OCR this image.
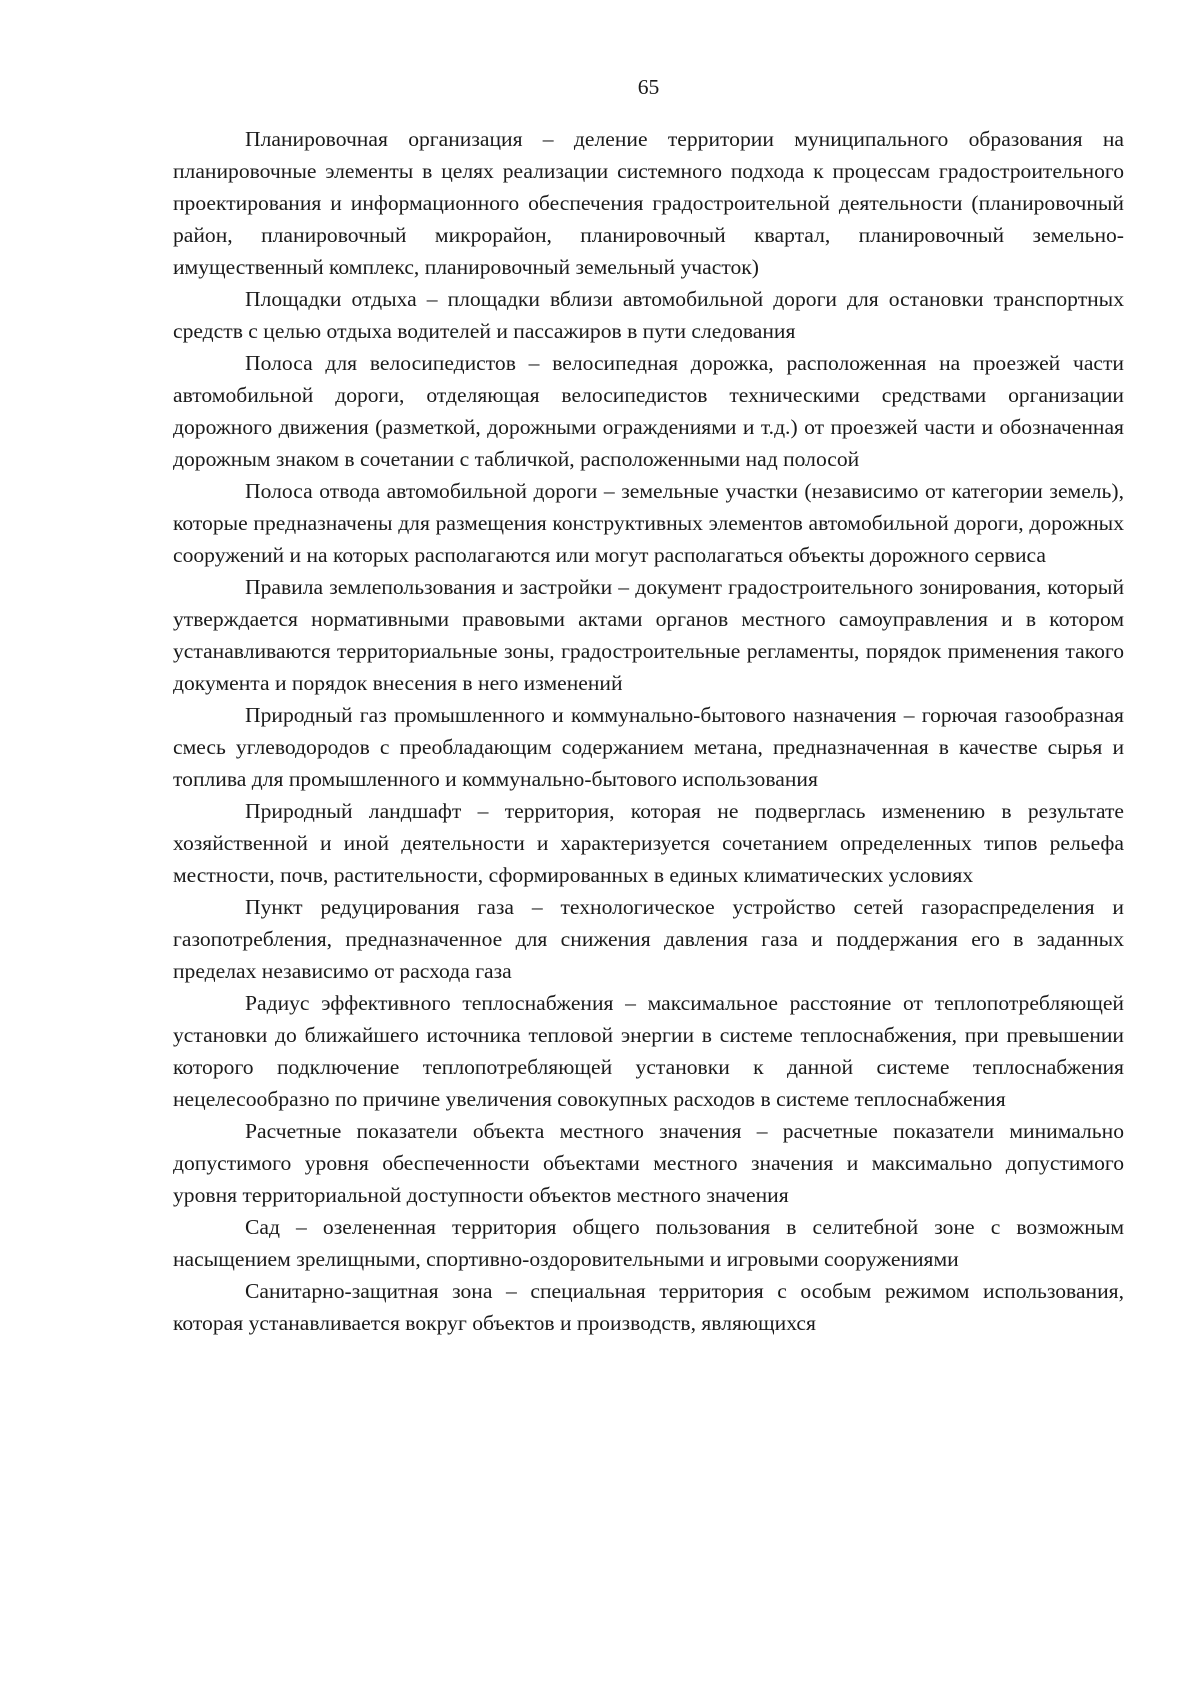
65

Планировочная организация – деление территории муниципального образования на планировочные элементы в целях реализации системного подхода к процессам градостроительного проектирования и информационного обеспечения градостроительной деятельности (планировочный район, планировочный микрорайон, планировочный квартал, планировочный земельно-имущественный комплекс, планировочный земельный участок)

Площадки отдыха – площадки вблизи автомобильной дороги для остановки транспортных средств с целью отдыха водителей и пассажиров в пути следования

Полоса для велосипедистов – велосипедная дорожка, расположенная на проезжей части автомобильной дороги, отделяющая велосипедистов техническими средствами организации дорожного движения (разметкой, дорожными ограждениями и т.д.) от проезжей части и обозначенная дорожным знаком в сочетании с табличкой, расположенными над полосой

Полоса отвода автомобильной дороги – земельные участки (независимо от категории земель), которые предназначены для размещения конструктивных элементов автомобильной дороги, дорожных сооружений и на которых располагаются или могут располагаться объекты дорожного сервиса

Правила землепользования и застройки – документ градостроительного зонирования, который утверждается нормативными правовыми актами органов местного самоуправления и в котором устанавливаются территориальные зоны, градостроительные регламенты, порядок применения такого документа и порядок внесения в него изменений

Природный газ промышленного и коммунально-бытового назначения – горючая газообразная смесь углеводородов с преобладающим содержанием метана, предназначенная в качестве сырья и топлива для промышленного и коммунально-бытового использования

Природный ландшафт – территория, которая не подверглась изменению в результате хозяйственной и иной деятельности и характеризуется сочетанием определенных типов рельефа местности, почв, растительности, сформированных в единых климатических условиях

Пункт редуцирования газа – технологическое устройство сетей газораспределения и газопотребления, предназначенное для снижения давления газа и поддержания его в заданных пределах независимо от расхода газа

Радиус эффективного теплоснабжения – максимальное расстояние от теплопотребляющей установки до ближайшего источника тепловой энергии в системе теплоснабжения, при превышении которого подключение теплопотребляющей установки к данной системе теплоснабжения нецелесообразно по причине увеличения совокупных расходов в системе теплоснабжения

Расчетные показатели объекта местного значения – расчетные показатели минимально допустимого уровня обеспеченности объектами местного значения и максимально допустимого уровня территориальной доступности объектов местного значения

Сад – озелененная территория общего пользования в селитебной зоне с возможным насыщением зрелищными, спортивно-оздоровительными и игровыми сооружениями

Санитарно-защитная зона – специальная территория с особым режимом использования, которая устанавливается вокруг объектов и производств, являющихся
